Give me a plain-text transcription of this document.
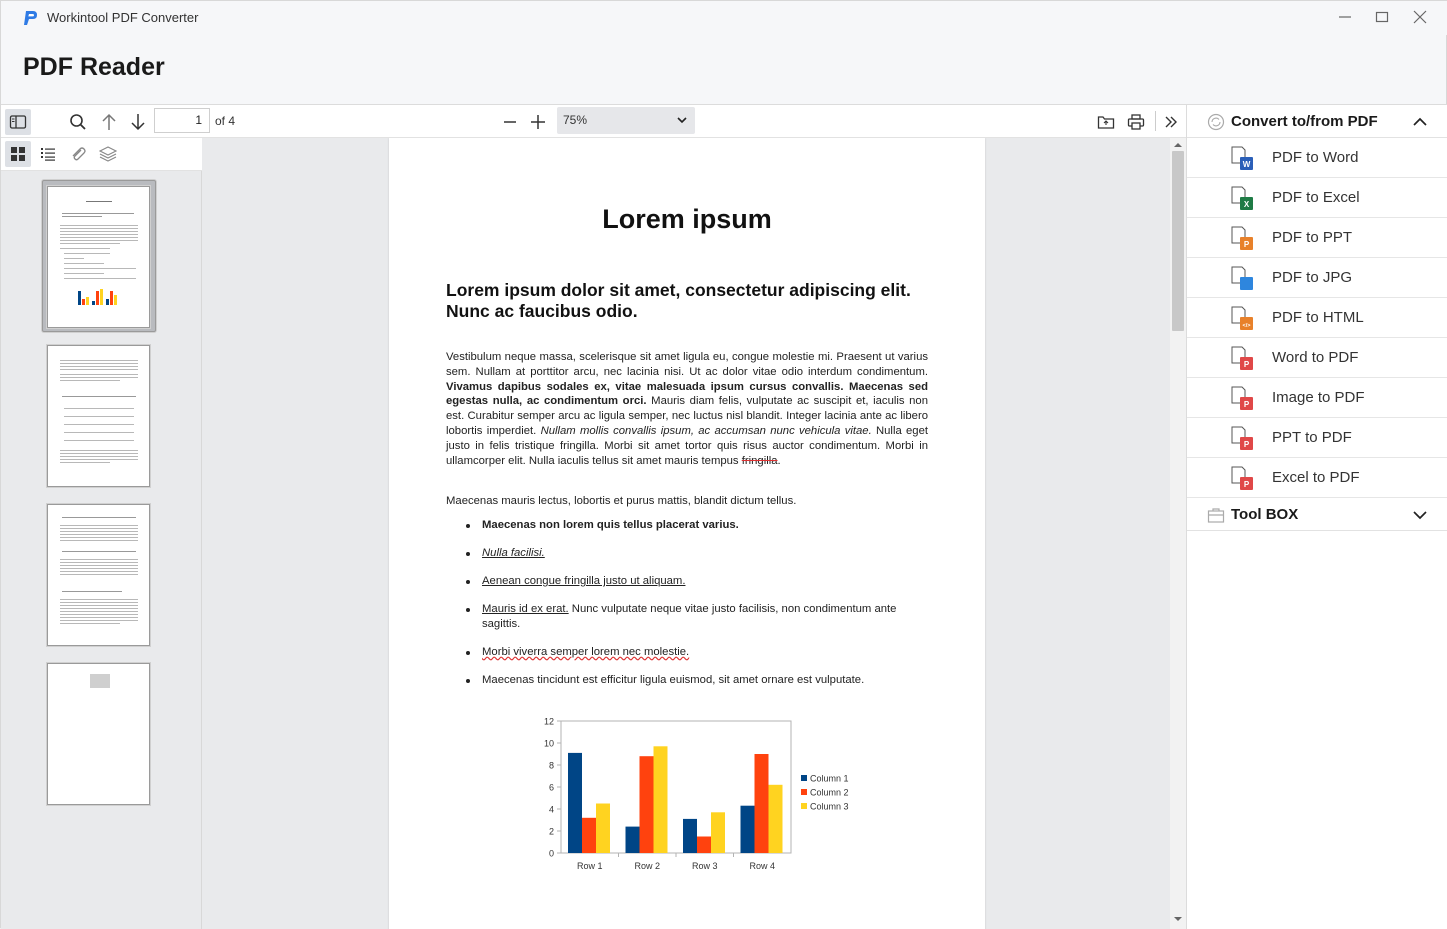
Workintool PDF Converter
PDF Reader
1	of 4	75%
Lorem ipsum
Lorem ipsum dolor sit amet, consectetur adipiscing elit. Nunc ac faucibus odio.
Vestibulum neque massa, scelerisque sit amet ligula eu, congue molestie mi. Praesent ut varius sem. Nullam at porttitor arcu, nec lacinia nisi. Ut ac dolor vitae odio interdum condimentum. Vivamus dapibus sodales ex, vitae malesuada ipsum cursus convallis. Maecenas sed egestas nulla, ac condimentum orci. Mauris diam felis, vulputate ac suscipit et, iaculis non est. Curabitur semper arcu ac ligula semper, nec luctus nisl blandit. Integer lacinia ante ac libero lobortis imperdiet. Nullam mollis convallis ipsum, ac accumsan nunc vehicula vitae. Nulla eget justo in felis tristique fringilla. Morbi sit amet tortor quis risus auctor condimentum. Morbi in ullamcorper elit. Nulla iaculis tellus sit amet mauris tempus fringilla.
Maecenas mauris lectus, lobortis et purus mattis, blandit dictum tellus.
Maecenas non lorem quis tellus placerat varius.
Nulla facilisi.
Aenean congue fringilla justo ut aliquam.
Mauris id ex erat. Nunc vulputate neque vitae justo facilisis, non condimentum ante sagittis.
Morbi viverra semper lorem nec molestie.
Maecenas tincidunt est efficitur ligula euismod, sit amet ornare est vulputate.
0
2
4
6
8
10
12
Row 1	Row 2	Row 3	Row 4
Column 1
Column 2
Column 3
Convert to/from PDF
W PDF to Word
X PDF to Excel
P PDF to PPT
PDF to JPG
</> PDF to HTML
P Word to PDF
P Image to PDF
P PPT to PDF
P Excel to PDF
Tool BOX
